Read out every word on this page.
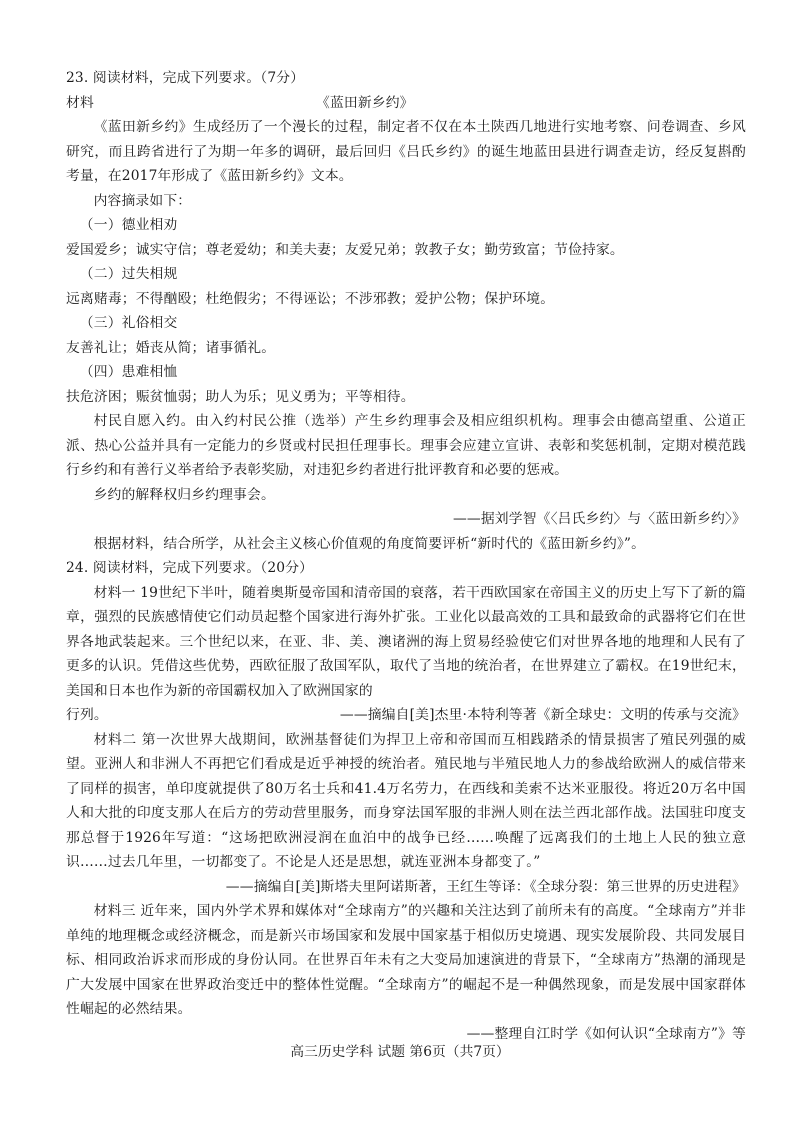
23. 阅读材料，完成下列要求。（7分）

材料	《蓝田新乡约》

《蓝田新乡约》生成经历了一个漫长的过程，制定者不仅在本土陕西几地进行实地考察、问卷调查、乡风研究，而且跨省进行了为期一年多的调研，最后回归《吕氏乡约》的诞生地蓝田县进行调查走访，经反复斟酌考量，在2017年形成了《蓝田新乡约》文本。

内容摘录如下：

（一）德业相劝

爱国爱乡；诚实守信；尊老爱幼；和美夫妻；友爱兄弟；敦教子女；勤劳致富；节俭持家。

（二）过失相规

远离赌毒；不得酗殴；杜绝假劣；不得诬讼；不涉邪教；爱护公物；保护环境。

（三）礼俗相交

友善礼让；婚丧从简；诸事循礼。

（四）患难相恤

扶危济困；赈贫恤弱；助人为乐；见义勇为；平等相待。

村民自愿入约。由入约村民公推（选举）产生乡约理事会及相应组织机构。理事会由德高望重、公道正派、热心公益并具有一定能力的乡贤或村民担任理事长。理事会应建立宣讲、表彰和奖惩机制，定期对模范践行乡约和有善行义举者给予表彰奖励，对违犯乡约者进行批评教育和必要的惩戒。

乡约的解释权归乡约理事会。

——据刘学智《〈吕氏乡约〉与〈蓝田新乡约〉》

根据材料，结合所学，从社会主义核心价值观的角度简要评析“新时代的《蓝田新乡约》”。

24. 阅读材料，完成下列要求。（20分）

材料一 19世纪下半叶，随着奥斯曼帝国和清帝国的衰落，若干西欧国家在帝国主义的历史上写下了新的篇章，强烈的民族感情使它们动员起整个国家进行海外扩张。工业化以最高效的工具和最致命的武器将它们在世界各地武装起来。三个世纪以来，在亚、非、美、澳诸洲的海上贸易经验使它们对世界各地的地理和人民有了更多的认识。凭借这些优势，西欧征服了敌国军队，取代了当地的统治者，在世界建立了霸权。在19世纪末，美国和日本也作为新的帝国霸权加入了欧洲国家的

行列。	——摘编自[美]杰里·本特利等著《新全球史：文明的传承与交流》

材料二 第一次世界大战期间，欧洲基督徒们为捍卫上帝和帝国而互相践踏杀的情景损害了殖民列强的威望。亚洲人和非洲人不再把它们看成是近乎神授的统治者。殖民地与半殖民地人力的参战给欧洲人的威信带来了同样的损害，单印度就提供了80万名士兵和41.4万名劳力，在西线和美索不达米亚服役。将近20万名中国人和大批的印度支那人在后方的劳动营里服务，而身穿法国军服的非洲人则在法兰西北部作战。法国驻印度支那总督于1926年写道：“这场把欧洲浸润在血泊中的战争已经……唤醒了远离我们的土地上人民的独立意识……过去几年里，一切都变了。不论是人还是思想，就连亚洲本身都变了。”

——摘编自[美]斯塔夫里阿诺斯著，王红生等译：《全球分裂：第三世界的历史进程》

材料三 近年来，国内外学术界和媒体对“全球南方”的兴趣和关注达到了前所未有的高度。“全球南方”并非单纯的地理概念或经济概念，而是新兴市场国家和发展中国家基于相似历史境遇、现实发展阶段、共同发展目标、相同政治诉求而形成的身份认同。在世界百年未有之大变局加速演进的背景下，“全球南方”热潮的涌现是广大发展中国家在世界政治变迁中的整体性觉醒。“全球南方”的崛起不是一种偶然现象，而是发展中国家群体性崛起的必然结果。

——整理自江时学《如何认识“全球南方”》等

高三历史学科 试题 第6页（共7页）
